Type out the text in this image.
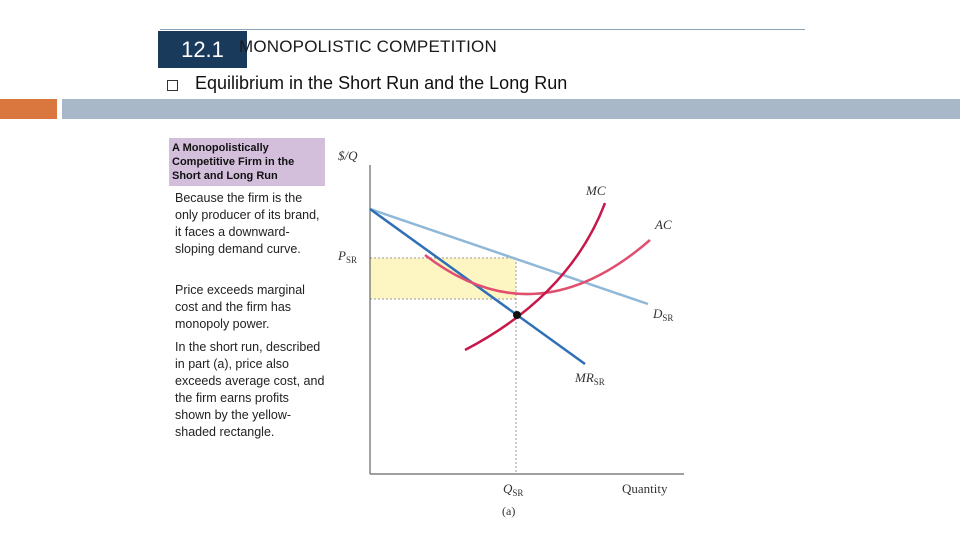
12.1 MONOPOLISTIC COMPETITION
Equilibrium in the Short Run and the Long Run
A Monopolistically Competitive Firm in the Short and Long Run
Because the firm is the only producer of its brand, it faces a downward-sloping demand curve.
Price exceeds marginal cost and the firm has monopoly power.
In the short run, described in part (a), price also exceeds average cost, and the firm earns profits shown by the yellow-shaded rectangle.
$/Q
Quantity
(a)
MC
AC
$D_{SR}$
$MR_{SR}$
$P_{SR}$
$Q_{SR}$
